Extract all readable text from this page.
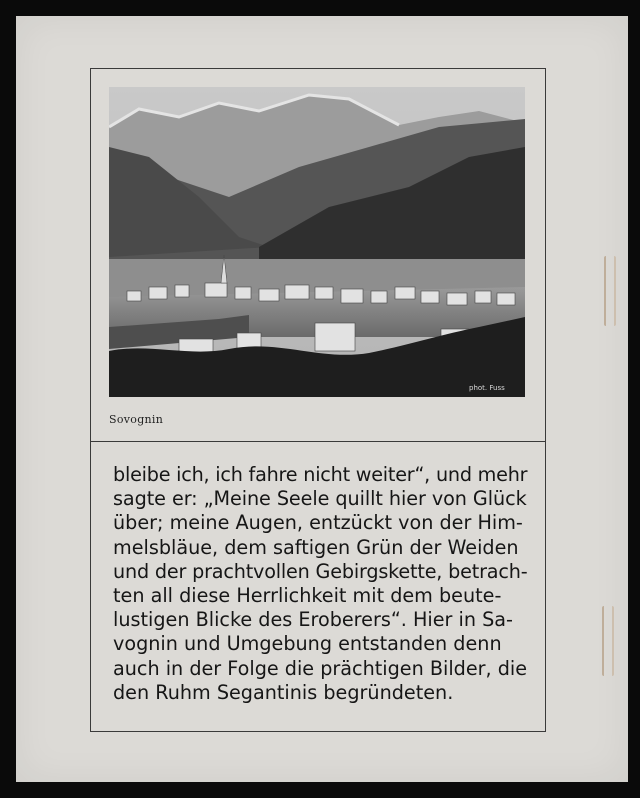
phot. Fuss
Sovognin
bleibe ich, ich fahre nicht weiter“, und mehr
sagte er: „Meine Seele quillt hier von Glück
über; meine Augen, entzückt von der Him-
melsbläue, dem saftigen Grün der Weiden
und der prachtvollen Gebirgskette, betrach-
ten all diese Herrlichkeit mit dem beute-
lustigen Blicke des Eroberers“. Hier in Sa-
vognin und Umgebung entstanden denn
auch in der Folge die prächtigen Bilder, die
den Ruhm Segantinis begründeten.
